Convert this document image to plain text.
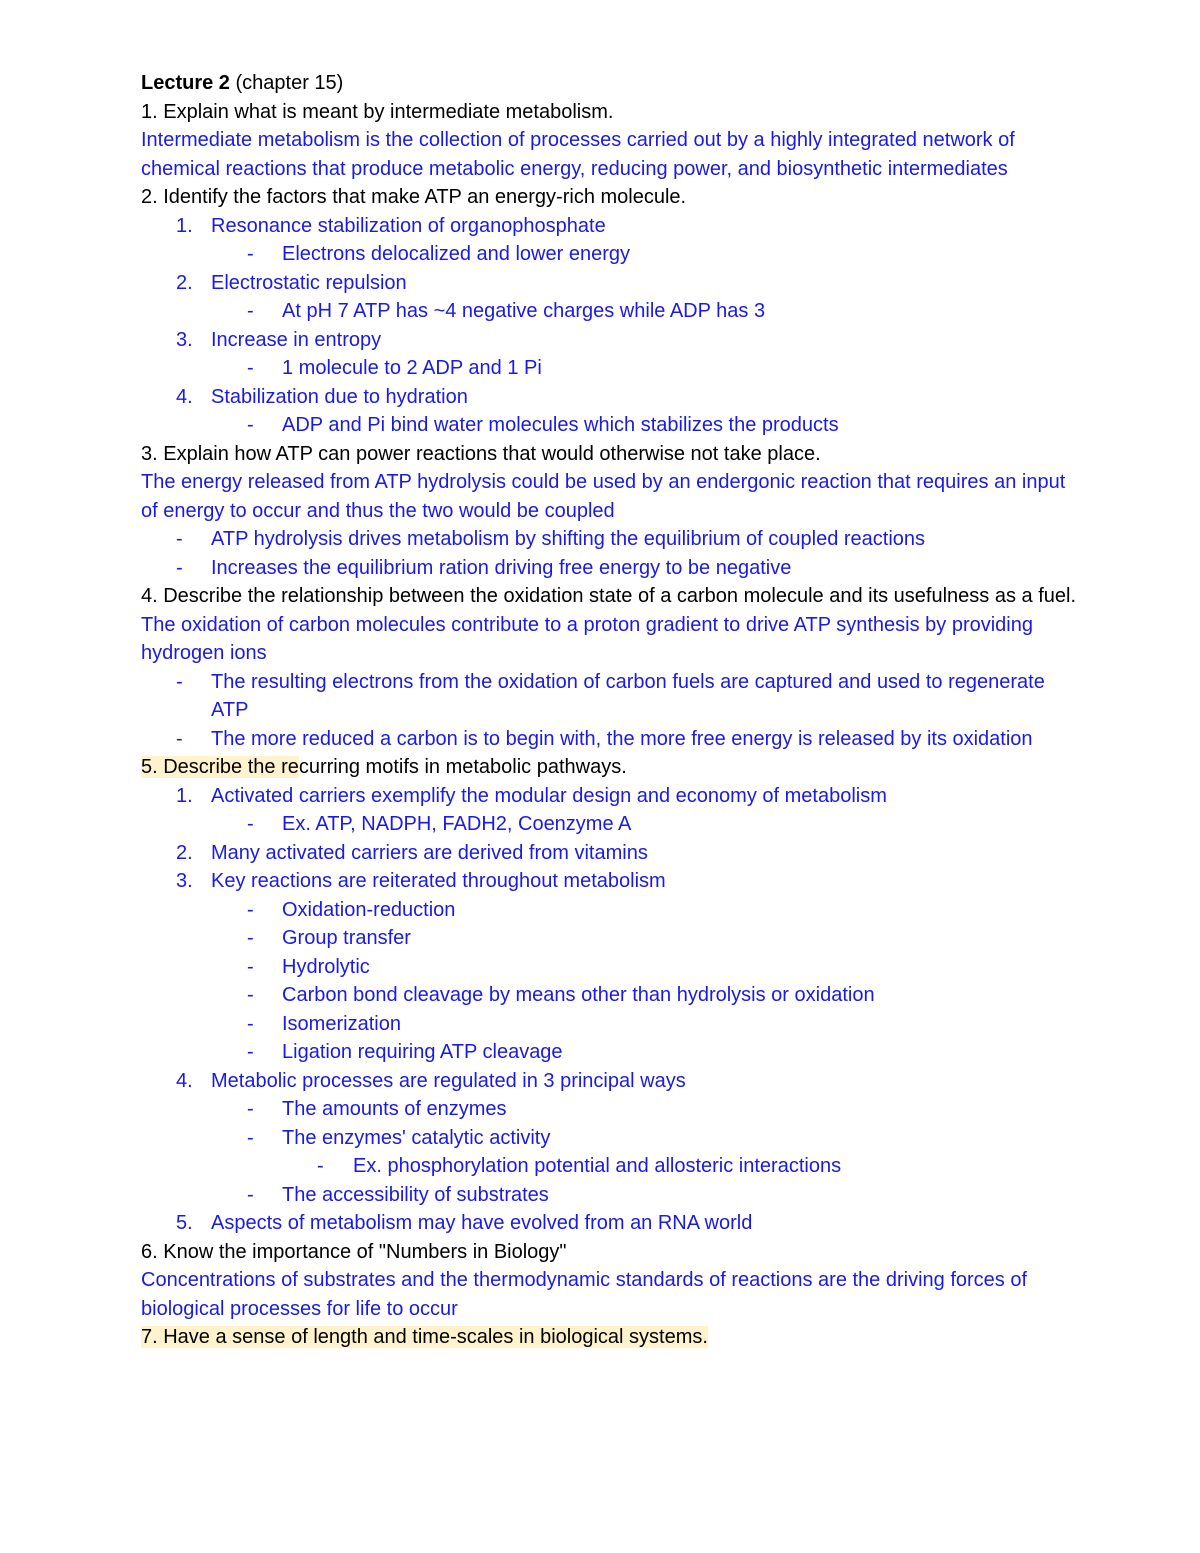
Lecture 2 (chapter 15)

1. Explain what is meant by intermediate metabolism.

Intermediate metabolism is the collection of processes carried out by a highly integrated network of chemical reactions that produce metabolic energy, reducing power, and biosynthetic intermediates

2. Identify the factors that make ATP an energy-rich molecule.

1. Resonance stabilization of organophosphate

- Electrons delocalized and lower energy

2. Electrostatic repulsion

- At pH 7 ATP has ~4 negative charges while ADP has 3

3. Increase in entropy

- 1 molecule to 2 ADP and 1 Pi

4. Stabilization due to hydration

- ADP and Pi bind water molecules which stabilizes the products

3. Explain how ATP can power reactions that would otherwise not take place.

The energy released from ATP hydrolysis could be used by an endergonic reaction that requires an input of energy to occur and thus the two would be coupled

- ATP hydrolysis drives metabolism by shifting the equilibrium of coupled reactions

- Increases the equilibrium ration driving free energy to be negative

4. Describe the relationship between the oxidation state of a carbon molecule and its usefulness as a fuel.

The oxidation of carbon molecules contribute to a proton gradient to drive ATP synthesis by providing hydrogen ions

- The resulting electrons from the oxidation of carbon fuels are captured and used to regenerate ATP

- The more reduced a carbon is to begin with, the more free energy is released by its oxidation

5. Describe the recurring motifs in metabolic pathways.

1. Activated carriers exemplify the modular design and economy of metabolism

- Ex. ATP, NADPH, FADH2, Coenzyme A

2. Many activated carriers are derived from vitamins

3. Key reactions are reiterated throughout metabolism

- Oxidation-reduction

- Group transfer

- Hydrolytic

- Carbon bond cleavage by means other than hydrolysis or oxidation

- Isomerization

- Ligation requiring ATP cleavage

4. Metabolic processes are regulated in 3 principal ways

- The amounts of enzymes

- The enzymes' catalytic activity

- Ex. phosphorylation potential and allosteric interactions

- The accessibility of substrates

5. Aspects of metabolism may have evolved from an RNA world

6. Know the importance of "Numbers in Biology"

Concentrations of substrates and the thermodynamic standards of reactions are the driving forces of biological processes for life to occur

7. Have a sense of length and time-scales in biological systems.
